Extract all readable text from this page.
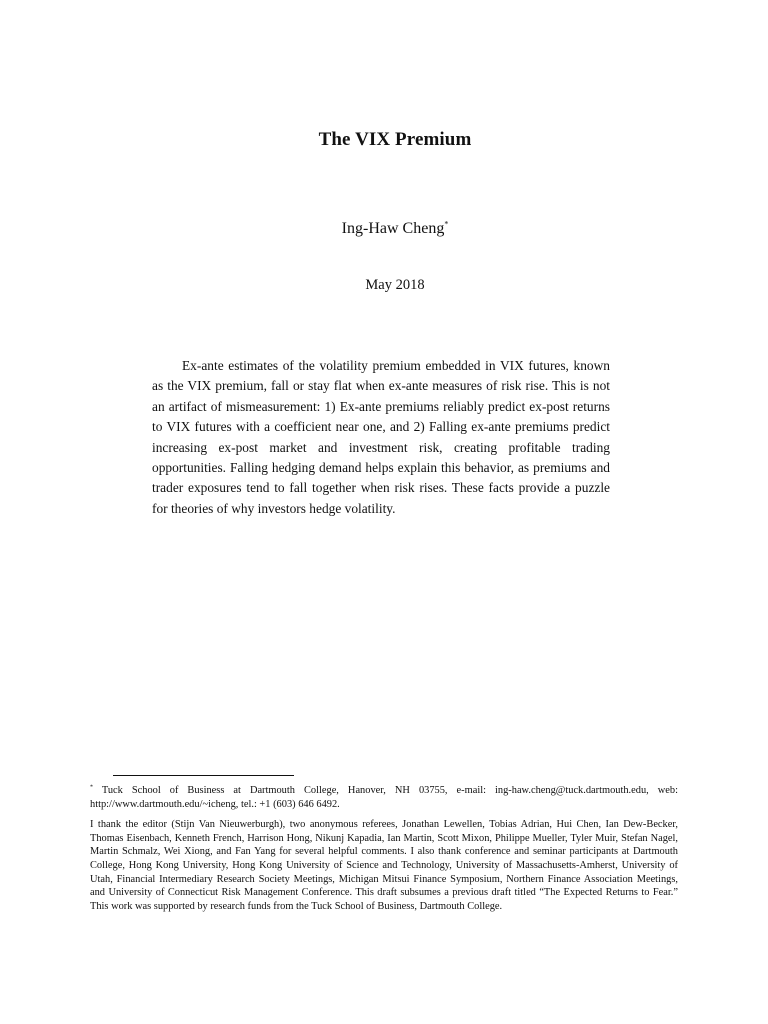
The VIX Premium
Ing-Haw Cheng*
May 2018

Ex-ante estimates of the volatility premium embedded in VIX futures, known as the VIX premium, fall or stay flat when ex-ante measures of risk rise. This is not an artifact of mismeasurement: 1) Ex-ante premiums reliably predict ex-post returns to VIX futures with a coefficient near one, and 2) Falling ex-ante premiums predict increasing ex-post market and investment risk, creating profitable trading opportunities. Falling hedging demand helps explain this behavior, as premiums and trader exposures tend to fall together when risk rises. These facts provide a puzzle for theories of why investors hedge volatility.

* Tuck School of Business at Dartmouth College, Hanover, NH 03755, e-mail: ing-haw.cheng@tuck.dartmouth.edu, web: http://www.dartmouth.edu/~icheng, tel.: +1 (603) 646 6492.

I thank the editor (Stijn Van Nieuwerburgh), two anonymous referees, Jonathan Lewellen, Tobias Adrian, Hui Chen, Ian Dew-Becker, Thomas Eisenbach, Kenneth French, Harrison Hong, Nikunj Kapadia, Ian Martin, Scott Mixon, Philippe Mueller, Tyler Muir, Stefan Nagel, Martin Schmalz, Wei Xiong, and Fan Yang for several helpful comments. I also thank conference and seminar participants at Dartmouth College, Hong Kong University, Hong Kong University of Science and Technology, University of Massachusetts-Amherst, University of Utah, Financial Intermediary Research Society Meetings, Michigan Mitsui Finance Symposium, Northern Finance Association Meetings, and University of Connecticut Risk Management Conference. This draft subsumes a previous draft titled “The Expected Returns to Fear.” This work was supported by research funds from the Tuck School of Business, Dartmouth College.
